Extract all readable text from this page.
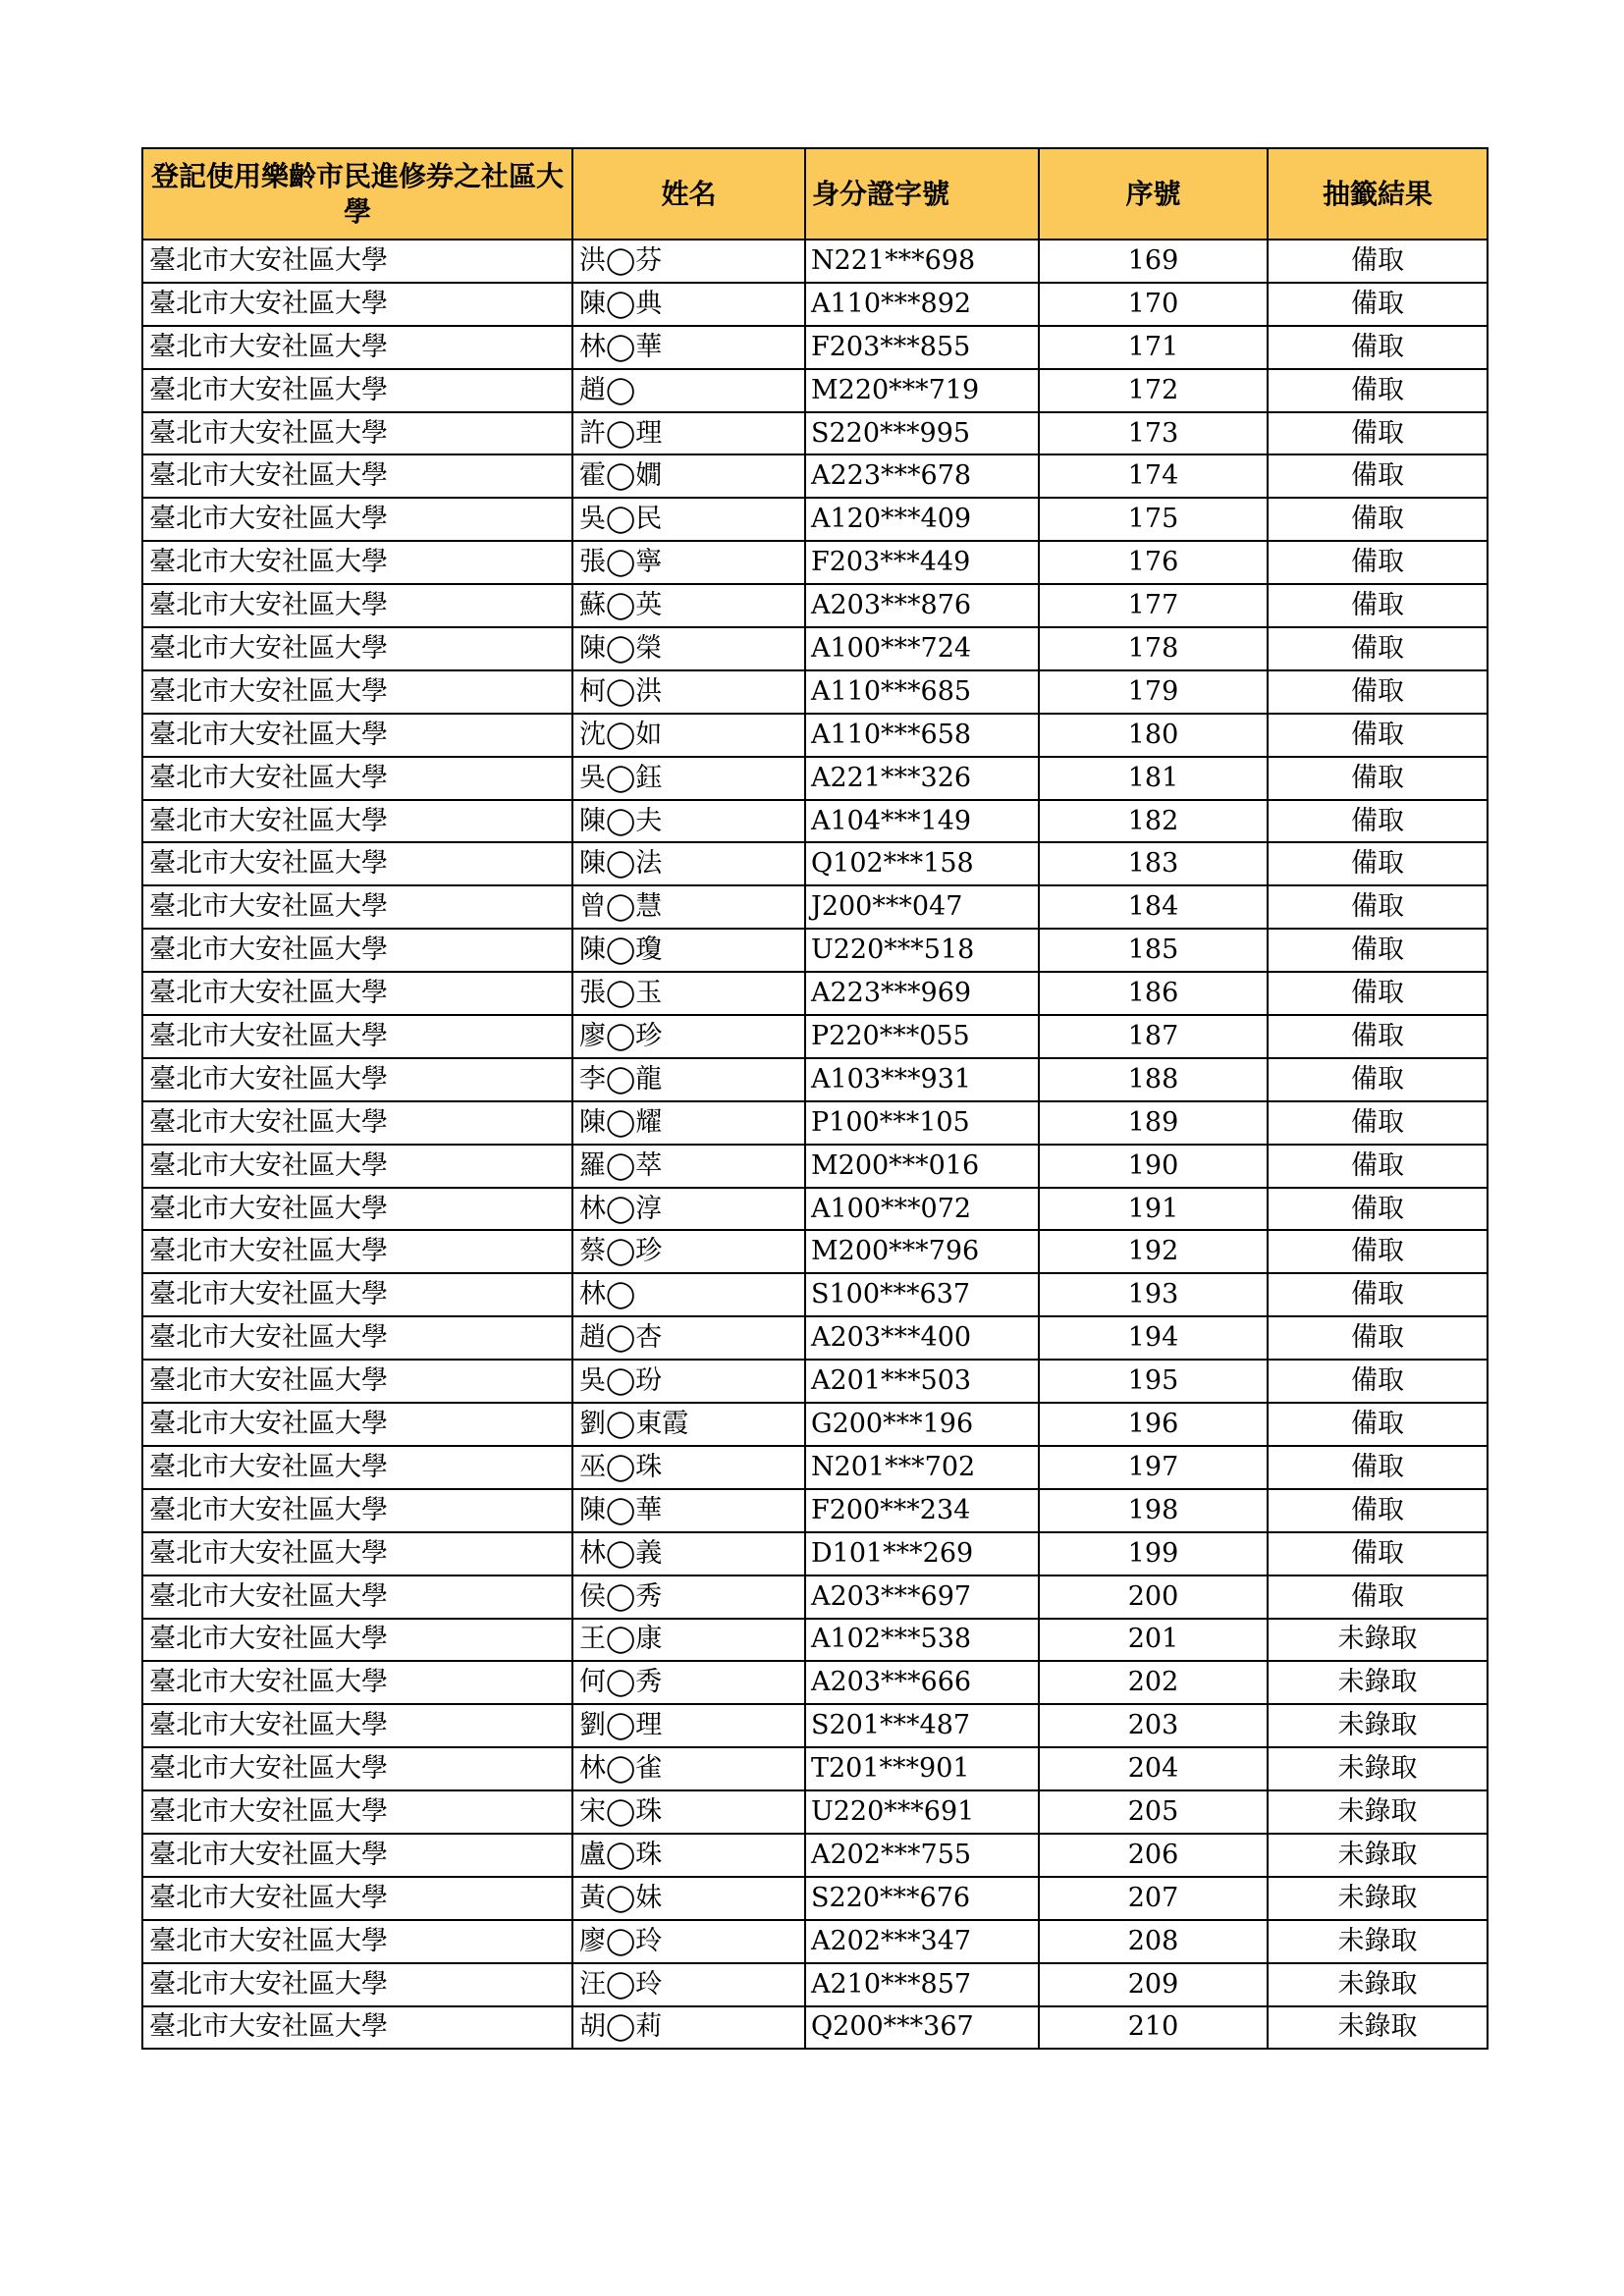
登記使用樂齡市民進修券之社區大學	姓名	身分證字號	序號	抽籤結果
臺北市大安社區大學	洪◯芬	N221***698	169	備取
臺北市大安社區大學	陳◯典	A110***892	170	備取
臺北市大安社區大學	林◯華	F203***855	171	備取
臺北市大安社區大學	趙◯	M220***719	172	備取
臺北市大安社區大學	許◯理	S220***995	173	備取
臺北市大安社區大學	霍◯嫺	A223***678	174	備取
臺北市大安社區大學	吳◯民	A120***409	175	備取
臺北市大安社區大學	張◯寧	F203***449	176	備取
臺北市大安社區大學	蘇◯英	A203***876	177	備取
臺北市大安社區大學	陳◯榮	A100***724	178	備取
臺北市大安社區大學	柯◯洪	A110***685	179	備取
臺北市大安社區大學	沈◯如	A110***658	180	備取
臺北市大安社區大學	吳◯鈺	A221***326	181	備取
臺北市大安社區大學	陳◯夫	A104***149	182	備取
臺北市大安社區大學	陳◯法	Q102***158	183	備取
臺北市大安社區大學	曾◯慧	J200***047	184	備取
臺北市大安社區大學	陳◯瓊	U220***518	185	備取
臺北市大安社區大學	張◯玉	A223***969	186	備取
臺北市大安社區大學	廖◯珍	P220***055	187	備取
臺北市大安社區大學	李◯龍	A103***931	188	備取
臺北市大安社區大學	陳◯耀	P100***105	189	備取
臺北市大安社區大學	羅◯萃	M200***016	190	備取
臺北市大安社區大學	林◯淳	A100***072	191	備取
臺北市大安社區大學	蔡◯珍	M200***796	192	備取
臺北市大安社區大學	林◯	S100***637	193	備取
臺北市大安社區大學	趙◯杏	A203***400	194	備取
臺北市大安社區大學	吳◯玢	A201***503	195	備取
臺北市大安社區大學	劉◯東霞	G200***196	196	備取
臺北市大安社區大學	巫◯珠	N201***702	197	備取
臺北市大安社區大學	陳◯華	F200***234	198	備取
臺北市大安社區大學	林◯義	D101***269	199	備取
臺北市大安社區大學	侯◯秀	A203***697	200	備取
臺北市大安社區大學	王◯康	A102***538	201	未錄取
臺北市大安社區大學	何◯秀	A203***666	202	未錄取
臺北市大安社區大學	劉◯理	S201***487	203	未錄取
臺北市大安社區大學	林◯雀	T201***901	204	未錄取
臺北市大安社區大學	宋◯珠	U220***691	205	未錄取
臺北市大安社區大學	盧◯珠	A202***755	206	未錄取
臺北市大安社區大學	黃◯妹	S220***676	207	未錄取
臺北市大安社區大學	廖◯玲	A202***347	208	未錄取
臺北市大安社區大學	汪◯玲	A210***857	209	未錄取
臺北市大安社區大學	胡◯莉	Q200***367	210	未錄取
